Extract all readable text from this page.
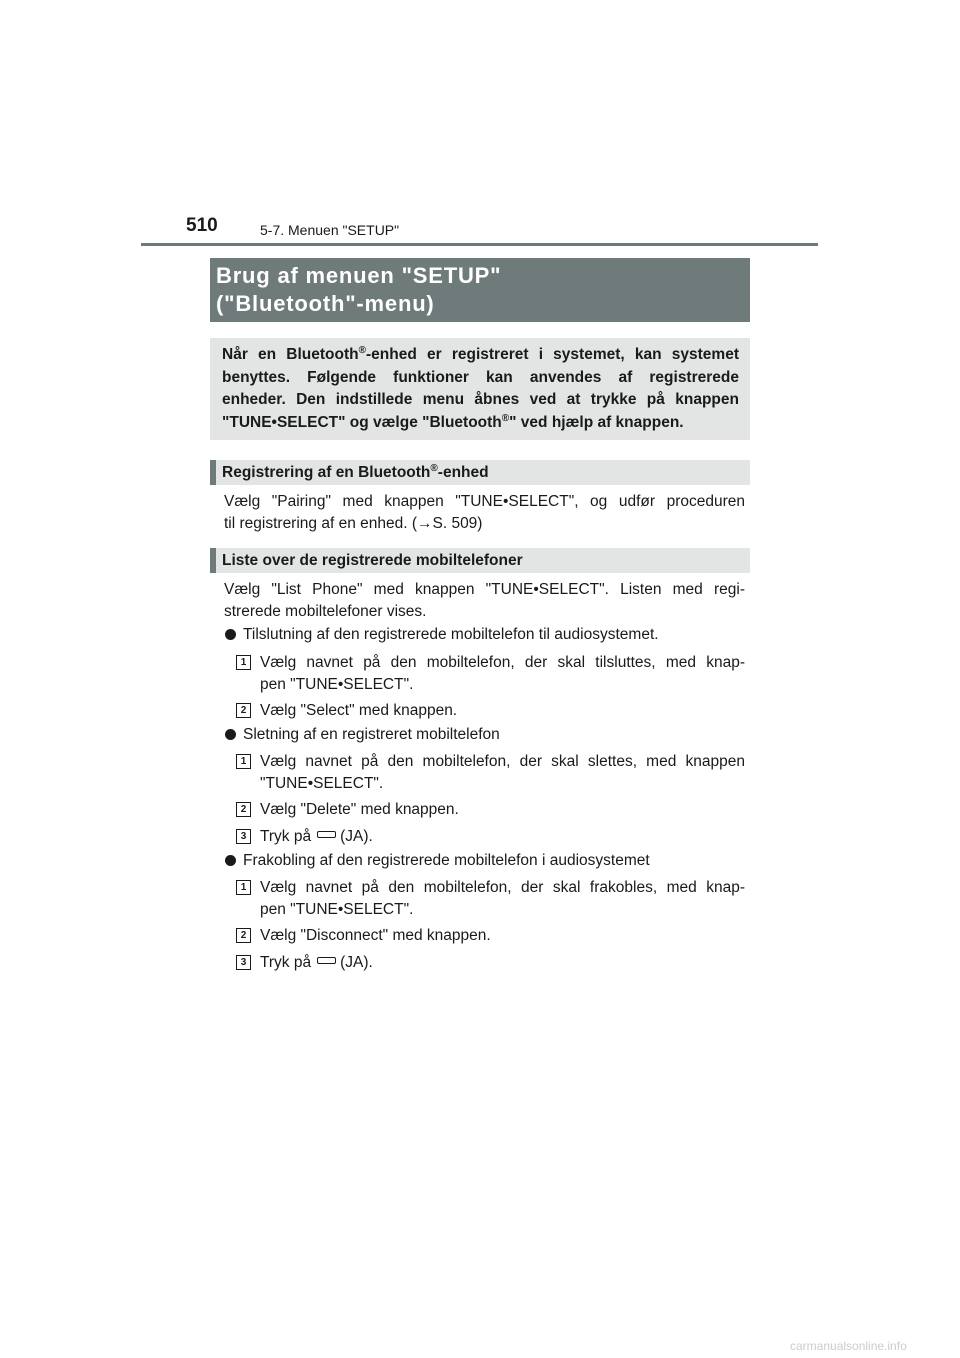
510	5-7. Menuen "SETUP"
Brug af menuen "SETUP"
("Bluetooth"-menu)
Når en Bluetooth®-enhed er registreret i systemet, kan systemet
benyttes. Følgende funktioner kan anvendes af registrerede
enheder. Den indstillede menu åbnes ved at trykke på knappen
"TUNE•SELECT" og vælge "Bluetooth®" ved hjælp af knappen.
Registrering af en Bluetooth®-enhed
Vælg "Pairing" med knappen "TUNE•SELECT", og udfør proceduren
til registrering af en enhed. (→S. 509)
Liste over de registrerede mobiltelefoner
Vælg "List Phone" med knappen "TUNE•SELECT". Listen med regi-
strerede mobiltelefoner vises.
Tilslutning af den registrerede mobiltelefon til audiosystemet.
1 Vælg navnet på den mobiltelefon, der skal tilsluttes, med knap-
pen "TUNE•SELECT".
2 Vælg "Select" med knappen.
Sletning af en registreret mobiltelefon
1 Vælg navnet på den mobiltelefon, der skal slettes, med knappen
"TUNE•SELECT".
2 Vælg "Delete" med knappen.
3 Tryk på (JA).
Frakobling af den registrerede mobiltelefon i audiosystemet
1 Vælg navnet på den mobiltelefon, der skal frakobles, med knap-
pen "TUNE•SELECT".
2 Vælg "Disconnect" med knappen.
3 Tryk på (JA).
carmanualsonline.info
